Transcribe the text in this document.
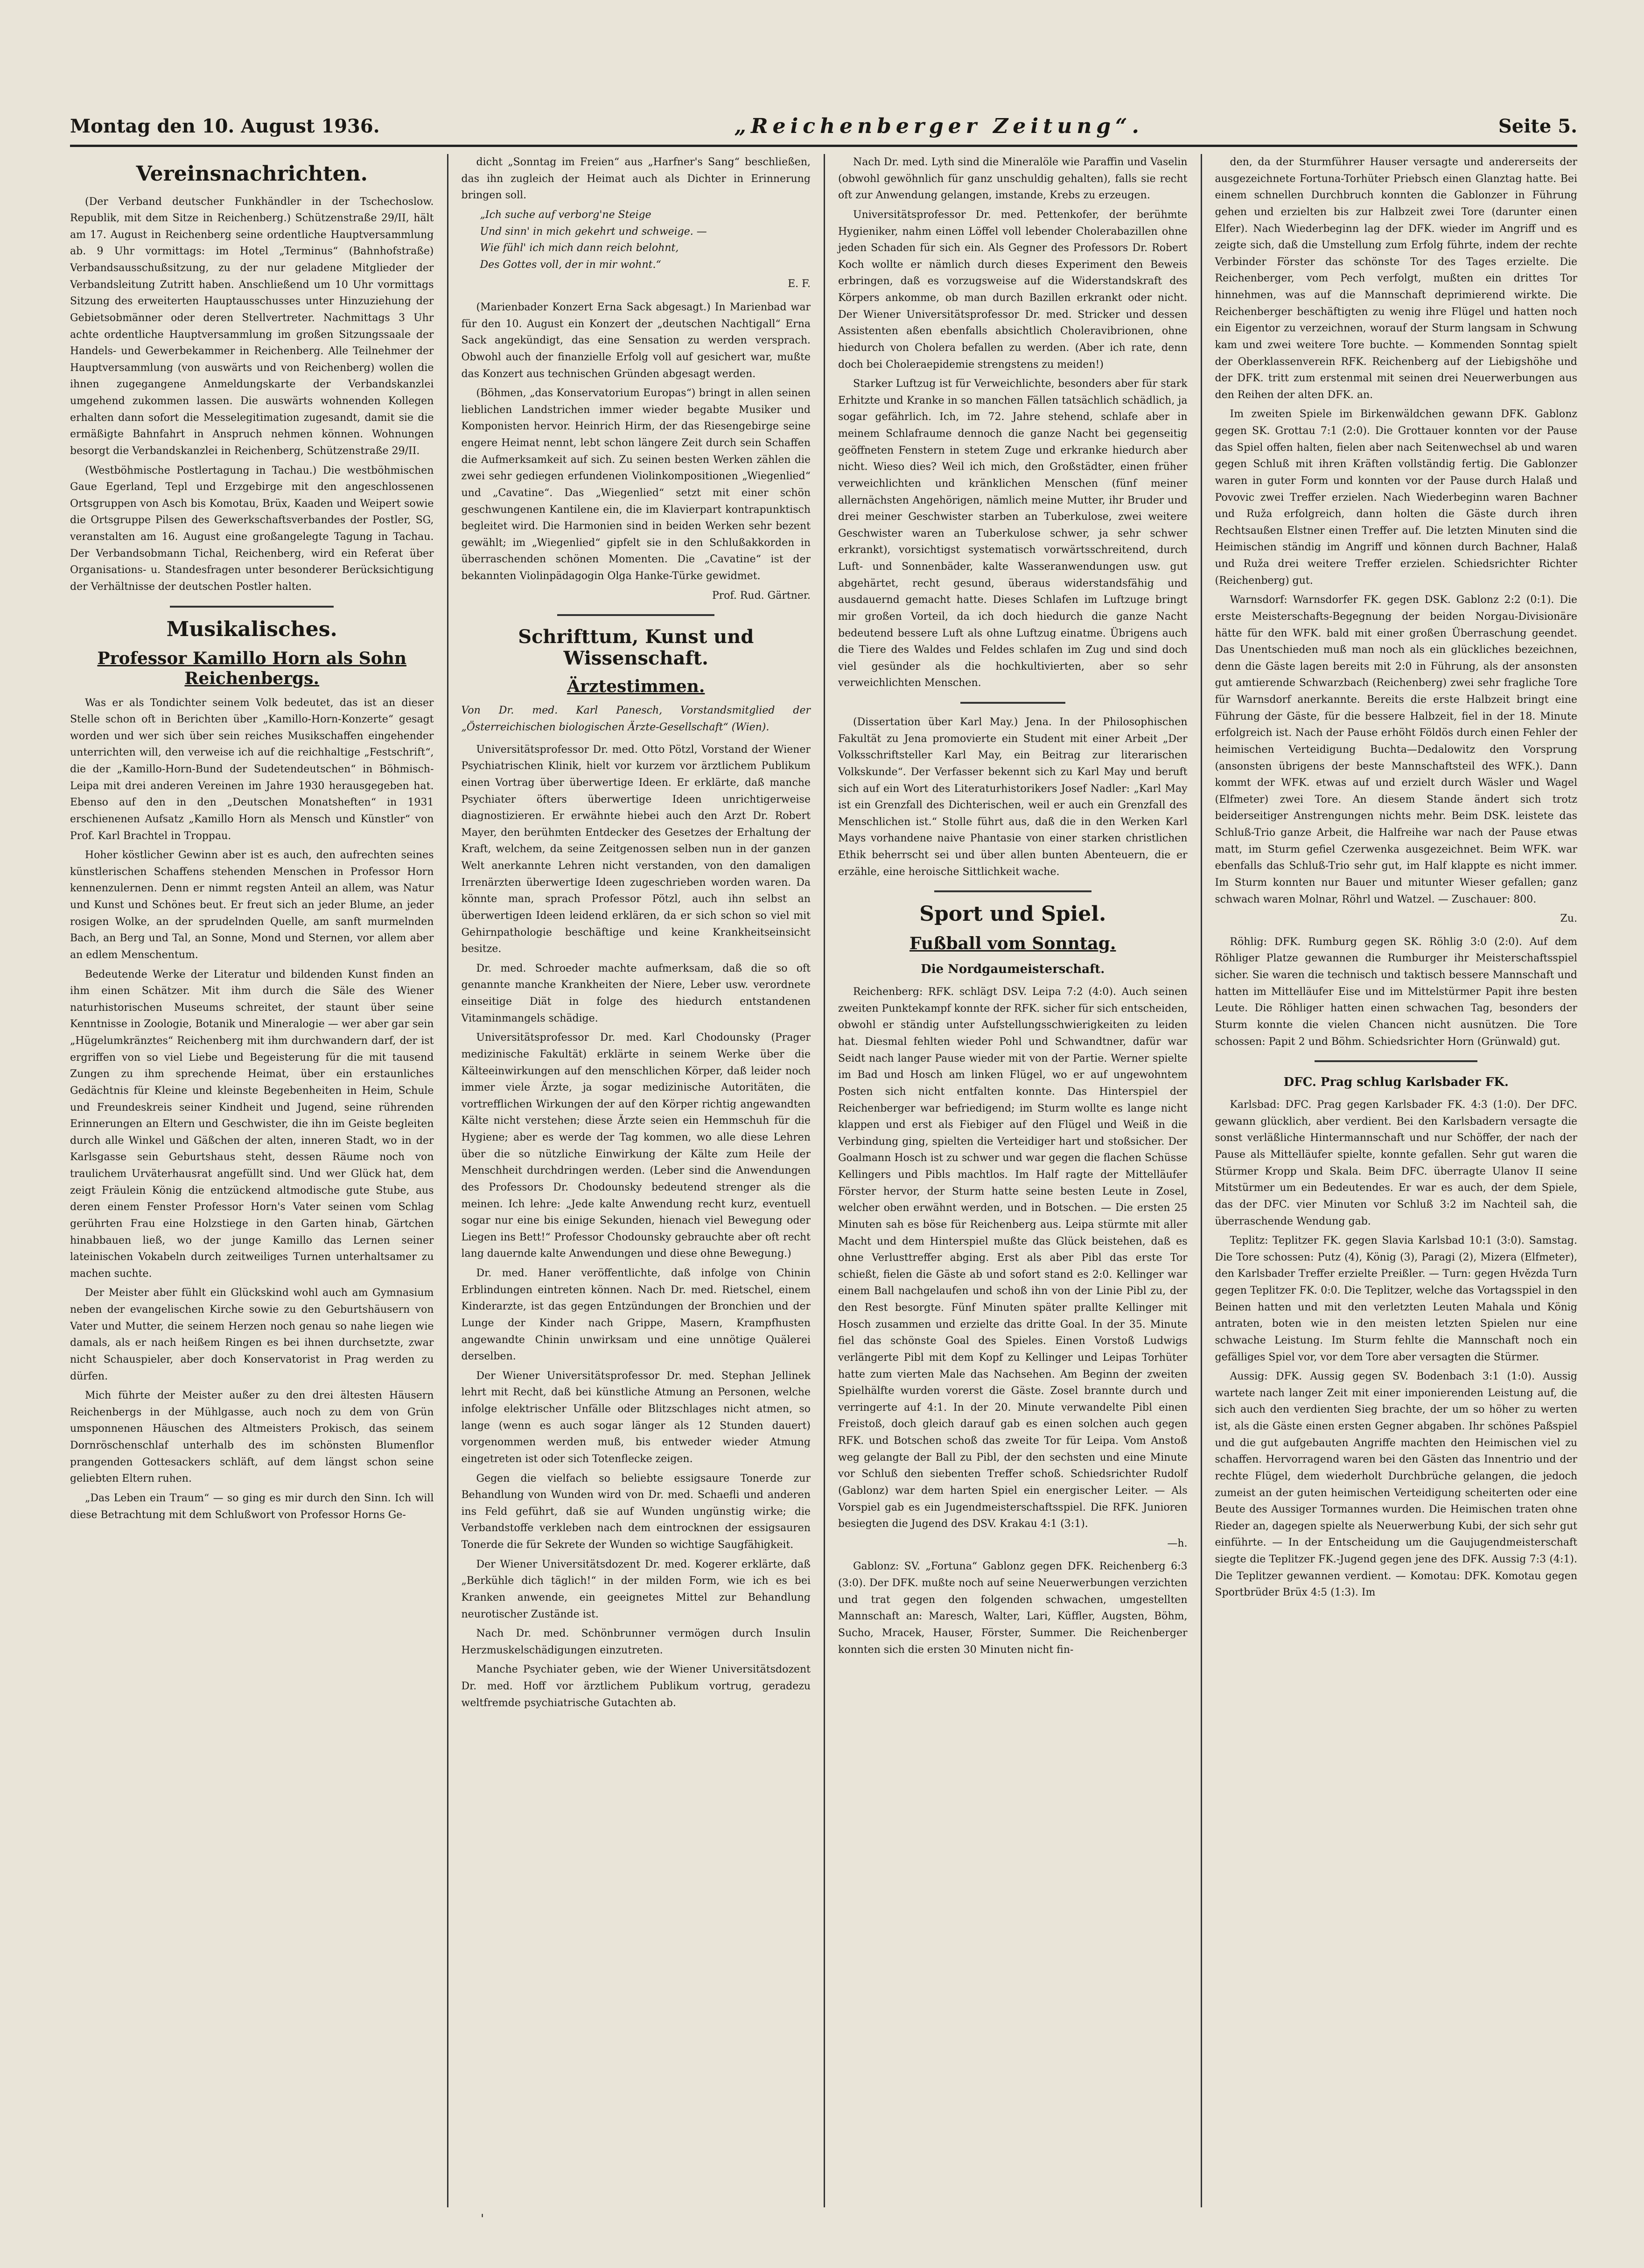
Montag den 10. August 1936.	„Reichenberger Zeitung“.	Seite 5.
Vereinsnachrichten.

(Der Verband deutscher Funkhändler in der Tschechoslow. Republik, mit dem Sitze in Reichenberg.) Schützenstraße 29/II, hält am 17. August in Reichenberg seine ordentliche Hauptversammlung ab. 9 Uhr vormittags: im Hotel „Terminus“ (Bahnhofstraße) Verbandsausschußsitzung, zu der nur geladene Mitglieder der Verbandsleitung Zutritt haben. Anschließend um 10 Uhr vormittags Sitzung des erweiterten Hauptausschusses unter Hinzuziehung der Gebietsobmänner oder deren Stellvertreter. Nachmittags 3 Uhr achte ordentliche Hauptversammlung im großen Sitzungssaale der Handels- und Gewerbekammer in Reichenberg. Alle Teilnehmer der Hauptversammlung (von auswärts und von Reichenberg) wollen die ihnen zugegangene Anmeldungskarte der Verbandskanzlei umgehend zukommen lassen. Die auswärts wohnenden Kollegen erhalten dann sofort die Messelegitimation zugesandt, damit sie die ermäßigte Bahnfahrt in Anspruch nehmen können. Wohnungen besorgt die Verbandskanzlei in Reichenberg, Schützenstraße 29/II.

(Westböhmische Postlertagung in Tachau.) Die westböhmischen Gaue Egerland, Tepl und Erzgebirge mit den angeschlossenen Ortsgruppen von Asch bis Komotau, Brüx, Kaaden und Weipert sowie die Ortsgruppe Pilsen des Gewerkschaftsverbandes der Postler, SG, veranstalten am 16. August eine großangelegte Tagung in Tachau. Der Verbandsobmann Tichal, Reichenberg, wird ein Referat über Organisations- u. Standesfragen unter besonderer Berücksichtigung der Verhältnisse der deutschen Postler halten.

Musikalisches.
Professor Kamillo Horn als Sohn Reichenbergs.

Was er als Tondichter seinem Volk bedeutet, das ist an dieser Stelle schon oft in Berichten über „Kamillo-Horn-Konzerte“ gesagt worden und wer sich über sein reiches Musikschaffen eingehender unterrichten will, den verweise ich auf die reichhaltige „Festschrift“, die der „Kamillo-Horn-Bund der Sudetendeutschen“ in Böhmisch-Leipa mit drei anderen Vereinen im Jahre 1930 herausgegeben hat. Ebenso auf den in den „Deutschen Monatsheften“ in 1931 erschienenen Aufsatz „Kamillo Horn als Mensch und Künstler“ von Prof. Karl Brachtel in Troppau.

Hoher köstlicher Gewinn aber ist es auch, den aufrechten seines künstlerischen Schaffens stehenden Menschen in Professor Horn kennenzulernen. Denn er nimmt regsten Anteil an allem, was Natur und Kunst und Schönes beut. Er freut sich an jeder Blume, an jeder rosigen Wolke, an der sprudelnden Quelle, am sanft murmelnden Bach, an Berg und Tal, an Sonne, Mond und Sternen, vor allem aber an edlem Menschentum.

Bedeutende Werke der Literatur und bildenden Kunst finden an ihm einen Schätzer. Mit ihm durch die Säle des Wiener naturhistorischen Museums schreitet, der staunt über seine Kenntnisse in Zoologie, Botanik und Mineralogie — wer aber gar sein „Hügelumkränztes“ Reichenberg mit ihm durchwandern darf, der ist ergriffen von so viel Liebe und Begeisterung für die mit tausend Zungen zu ihm sprechende Heimat, über ein erstaunliches Gedächtnis für Kleine und kleinste Begebenheiten in Heim, Schule und Freundeskreis seiner Kindheit und Jugend, seine rührenden Erinnerungen an Eltern und Geschwister, die ihn im Geiste begleiten durch alle Winkel und Gäßchen der alten, inneren Stadt, wo in der Karlsgasse sein Geburtshaus steht, dessen Räume noch von traulichem Urväterhausrat angefüllt sind. Und wer Glück hat, dem zeigt Fräulein König die entzückend altmodische gute Stube, aus deren einem Fenster Professor Horn's Vater seinen vom Schlag gerührten Frau eine Holzstiege in den Garten hinab, Gärtchen hinabbauen ließ, wo der junge Kamillo das Lernen seiner lateinischen Vokabeln durch zeitweiliges Turnen unterhaltsamer zu machen suchte.

Der Meister aber fühlt ein Glückskind wohl auch am Gymnasium neben der evangelischen Kirche sowie zu den Geburtshäusern von Vater und Mutter, die seinem Herzen noch genau so nahe liegen wie damals, als er nach heißem Ringen es bei ihnen durchsetzte, zwar nicht Schauspieler, aber doch Konservatorist in Prag werden zu dürfen.

Mich führte der Meister außer zu den drei ältesten Häusern Reichenbergs in der Mühlgasse, auch noch zu dem von Grün umsponnenen Häuschen des Altmeisters Prokisch, das seinem Dornröschenschlaf unterhalb des im schönsten Blumenflor prangenden Gottesackers schläft, auf dem längst schon seine geliebten Eltern ruhen.

„Das Leben ein Traum“ — so ging es mir durch den Sinn. Ich will diese Betrachtung mit dem Schlußwort von Professor Horns Ge-

dicht „Sonntag im Freien“ aus „Harfner's Sang“ beschließen, das ihn zugleich der Heimat auch als Dichter in Erinnerung bringen soll.

„Ich suche auf verborg'ne Steige
Und sinn' in mich gekehrt und schweige. —
Wie fühl' ich mich dann reich belohnt,
Des Gottes voll, der in mir wohnt.“

E. F.

(Marienbader Konzert Erna Sack abgesagt.) In Marienbad war für den 10. August ein Konzert der „deutschen Nachtigall“ Erna Sack angekündigt, das eine Sensation zu werden versprach. Obwohl auch der finanzielle Erfolg voll auf gesichert war, mußte das Konzert aus technischen Gründen abgesagt werden.

(Böhmen, „das Konservatorium Europas“) bringt in allen seinen lieblichen Landstrichen immer wieder begabte Musiker und Komponisten hervor. Heinrich Hirm, der das Riesengebirge seine engere Heimat nennt, lebt schon längere Zeit durch sein Schaffen die Aufmerksamkeit auf sich. Zu seinen besten Werken zählen die zwei sehr gediegen erfundenen Violinkompositionen „Wiegenlied“ und „Cavatine“. Das „Wiegenlied“ setzt mit einer schön geschwungenen Kantilene ein, die im Klavierpart kontrapunktisch begleitet wird. Die Harmonien sind in beiden Werken sehr bezent gewählt; im „Wiegenlied“ gipfelt sie in den Schlußakkorden in überraschenden schönen Momenten. Die „Cavatine“ ist der bekannten Violinpädagogin Olga Hanke-Türke gewidmet.

Prof. Rud. Gärtner.

Schrifttum, Kunst und Wissenschaft.
Ärztestimmen.

Von Dr. med. Karl Panesch, Vorstandsmitglied der „Österreichischen biologischen Ärzte-Gesellschaft“ (Wien).

Universitätsprofessor Dr. med. Otto Pötzl, Vorstand der Wiener Psychiatrischen Klinik, hielt vor kurzem vor ärztlichem Publikum einen Vortrag über überwertige Ideen. Er erklärte, daß manche Psychiater öfters überwertige Ideen unrichtigerweise diagnostizieren. Er erwähnte hiebei auch den Arzt Dr. Robert Mayer, den berühmten Entdecker des Gesetzes der Erhaltung der Kraft, welchem, da seine Zeitgenossen selben nun in der ganzen Welt anerkannte Lehren nicht verstanden, von den damaligen Irrenärzten überwertige Ideen zugeschrieben worden waren. Da könnte man, sprach Professor Pötzl, auch ihn selbst an überwertigen Ideen leidend erklären, da er sich schon so viel mit Gehirnpathologie beschäftige und keine Krankheitseinsicht besitze.

Dr. med. Schroeder machte aufmerksam, daß die so oft genannte manche Krankheiten der Niere, Leber usw. verordnete einseitige Diät in folge des hiedurch entstandenen Vitaminmangels schädige.

Universitätsprofessor Dr. med. Karl Chodounsky (Prager medizinische Fakultät) erklärte in seinem Werke über die Kälteeinwirkungen auf den menschlichen Körper, daß leider noch immer viele Ärzte, ja sogar medizinische Autoritäten, die vortrefflichen Wirkungen der auf den Körper richtig angewandten Kälte nicht verstehen; diese Ärzte seien ein Hemmschuh für die Hygiene; aber es werde der Tag kommen, wo alle diese Lehren über die so nützliche Einwirkung der Kälte zum Heile der Menschheit durchdringen werden. (Leber sind die Anwendungen des Professors Dr. Chodounsky bedeutend strenger als die meinen. Ich lehre: „Jede kalte Anwendung recht kurz, eventuell sogar nur eine bis einige Sekunden, hienach viel Bewegung oder Liegen ins Bett!“ Professor Chodounsky gebrauchte aber oft recht lang dauernde kalte Anwendungen und diese ohne Bewegung.)

Dr. med. Haner veröffentlichte, daß infolge von Chinin Erblindungen eintreten können. Nach Dr. med. Rietschel, einem Kinderarzte, ist das gegen Entzündungen der Bronchien und der Lunge der Kinder nach Grippe, Masern, Krampfhusten angewandte Chinin unwirksam und eine unnötige Quälerei derselben.

Der Wiener Universitätsprofessor Dr. med. Stephan Jellinek lehrt mit Recht, daß bei künstliche Atmung an Personen, welche infolge elektrischer Unfälle oder Blitzschlages nicht atmen, so lange (wenn es auch sogar länger als 12 Stunden dauert) vorgenommen werden muß, bis entweder wieder Atmung eingetreten ist oder sich Totenflecke zeigen.

Gegen die vielfach so beliebte essigsaure Tonerde zur Behandlung von Wunden wird von Dr. med. Schaefli und anderen ins Feld geführt, daß sie auf Wunden ungünstig wirke; die Verbandstoffe verkleben nach dem eintrocknen der essigsauren Tonerde die für Sekrete der Wunden so wichtige Saugfähigkeit.

Der Wiener Universitätsdozent Dr. med. Kogerer erklärte, daß „Berkühle dich täglich!“ in der milden Form, wie ich es bei Kranken anwende, ein geeignetes Mittel zur Behandlung neurotischer Zustände ist.

Nach Dr. med. Schönbrunner vermögen durch Insulin Herzmuskelschädigungen einzutreten.

Manche Psychiater geben, wie der Wiener Universitätsdozent Dr. med. Hoff vor ärztlichem Publikum vortrug, geradezu weltfremde psychiatrische Gutachten ab.

Nach Dr. med. Lyth sind die Mineralöle wie Paraffin und Vaselin (obwohl gewöhnlich für ganz unschuldig gehalten), falls sie recht oft zur Anwendung gelangen, imstande, Krebs zu erzeugen.

Universitätsprofessor Dr. med. Pettenkofer, der berühmte Hygieniker, nahm einen Löffel voll lebender Cholerabazillen ohne jeden Schaden für sich ein. Als Gegner des Professors Dr. Robert Koch wollte er nämlich durch dieses Experiment den Beweis erbringen, daß es vorzugsweise auf die Widerstandskraft des Körpers ankomme, ob man durch Bazillen erkrankt oder nicht. Der Wiener Universitätsprofessor Dr. med. Stricker und dessen Assistenten aßen ebenfalls absichtlich Choleravibrionen, ohne hiedurch von Cholera befallen zu werden. (Aber ich rate, denn doch bei Choleraepidemie strengstens zu meiden!)

Starker Luftzug ist für Verweichlichte, besonders aber für stark Erhitzte und Kranke in so manchen Fällen tatsächlich schädlich, ja sogar gefährlich. Ich, im 72. Jahre stehend, schlafe aber in meinem Schlafraume dennoch die ganze Nacht bei gegenseitig geöffneten Fenstern in stetem Zuge und erkranke hiedurch aber nicht. Wieso dies? Weil ich mich, den Großstädter, einen früher verweichlichten und kränklichen Menschen (fünf meiner allernächsten Angehörigen, nämlich meine Mutter, ihr Bruder und drei meiner Geschwister starben an Tuberkulose, zwei weitere Geschwister waren an Tuberkulose schwer, ja sehr schwer erkrankt), vorsichtigst systematisch vorwärtsschreitend, durch Luft- und Sonnenbäder, kalte Wasseranwendungen usw. gut abgehärtet, recht gesund, überaus widerstandsfähig und ausdauernd gemacht hatte. Dieses Schlafen im Luftzuge bringt mir großen Vorteil, da ich doch hiedurch die ganze Nacht bedeutend bessere Luft als ohne Luftzug einatme. Übrigens auch die Tiere des Waldes und Feldes schlafen im Zug und sind doch viel gesünder als die hochkultivierten, aber so sehr verweichlichten Menschen.

(Dissertation über Karl May.) Jena. In der Philosophischen Fakultät zu Jena promovierte ein Student mit einer Arbeit „Der Volksschriftsteller Karl May, ein Beitrag zur literarischen Volkskunde“. Der Verfasser bekennt sich zu Karl May und beruft sich auf ein Wort des Literaturhistorikers Josef Nadler: „Karl May ist ein Grenzfall des Dichterischen, weil er auch ein Grenzfall des Menschlichen ist.“ Stolle führt aus, daß die in den Werken Karl Mays vorhandene naive Phantasie von einer starken christlichen Ethik beherrscht sei und über allen bunten Abenteuern, die er erzähle, eine heroische Sittlichkeit wache.

Sport und Spiel.
Fußball vom Sonntag.
Die Nordgaumeisterschaft.

Reichenberg: RFK. schlägt DSV. Leipa 7:2 (4:0). Auch seinen zweiten Punktekampf konnte der RFK. sicher für sich entscheiden, obwohl er ständig unter Aufstellungsschwierigkeiten zu leiden hat. Diesmal fehlten wieder Pohl und Schwandtner, dafür war Seidt nach langer Pause wieder mit von der Partie. Werner spielte im Bad und Hosch am linken Flügel, wo er auf ungewohntem Posten sich nicht entfalten konnte. Das Hinterspiel der Reichenberger war befriedigend; im Sturm wollte es lange nicht klappen und erst als Fiebiger auf den Flügel und Weiß in die Verbindung ging, spielten die Verteidiger hart und stoßsicher. Der Goalmann Hosch ist zu schwer und war gegen die flachen Schüsse Kellingers und Pibls machtlos. Im Half ragte der Mittelläufer Förster hervor, der Sturm hatte seine besten Leute in Zosel, welcher oben erwähnt werden, und in Botschen. — Die ersten 25 Minuten sah es böse für Reichenberg aus. Leipa stürmte mit aller Macht und dem Hinterspiel mußte das Glück beistehen, daß es ohne Verlusttreffer abging. Erst als aber Pibl das erste Tor schießt, fielen die Gäste ab und sofort stand es 2:0. Kellinger war einem Ball nachgelaufen und schoß ihn von der Linie Pibl zu, der den Rest besorgte. Fünf Minuten später prallte Kellinger mit Hosch zusammen und erzielte das dritte Goal. In der 35. Minute fiel das schönste Goal des Spieles. Einen Vorstoß Ludwigs verlängerte Pibl mit dem Kopf zu Kellinger und Leipas Torhüter hatte zum vierten Male das Nachsehen. Am Beginn der zweiten Spielhälfte wurden vorerst die Gäste. Zosel brannte durch und verringerte auf 4:1. In der 20. Minute verwandelte Pibl einen Freistoß, doch gleich darauf gab es einen solchen auch gegen RFK. und Botschen schoß das zweite Tor für Leipa. Vom Anstoß weg gelangte der Ball zu Pibl, der den sechsten und eine Minute vor Schluß den siebenten Treffer schoß. Schiedsrichter Rudolf (Gablonz) war dem harten Spiel ein energischer Leiter. — Als Vorspiel gab es ein Jugendmeisterschaftsspiel. Die RFK. Junioren besiegten die Jugend des DSV. Krakau 4:1 (3:1).

—h.

Gablonz: SV. „Fortuna“ Gablonz gegen DFK. Reichenberg 6:3 (3:0). Der DFK. mußte noch auf seine Neuerwerbungen verzichten und trat gegen den folgenden schwachen, umgestellten Mannschaft an: Maresch, Walter, Lari, Küffler, Augsten, Böhm, Sucho, Mracek, Hauser, Förster, Summer. Die Reichenberger konnten sich die ersten 30 Minuten nicht fin-

den, da der Sturmführer Hauser versagte und andererseits der ausgezeichnete Fortuna-Torhüter Priebsch einen Glanztag hatte. Bei einem schnellen Durchbruch konnten die Gablonzer in Führung gehen und erzielten bis zur Halbzeit zwei Tore (darunter einen Elfer). Nach Wiederbeginn lag der DFK. wieder im Angriff und es zeigte sich, daß die Umstellung zum Erfolg führte, indem der rechte Verbinder Förster das schönste Tor des Tages erzielte. Die Reichenberger, vom Pech verfolgt, mußten ein drittes Tor hinnehmen, was auf die Mannschaft deprimierend wirkte. Die Reichenberger beschäftigten zu wenig ihre Flügel und hatten noch ein Eigentor zu verzeichnen, worauf der Sturm langsam in Schwung kam und zwei weitere Tore buchte. — Kommenden Sonntag spielt der Oberklassenverein RFK. Reichenberg auf der Liebigshöhe und der DFK. tritt zum erstenmal mit seinen drei Neuerwerbungen aus den Reihen der alten DFK. an.

Im zweiten Spiele im Birkenwäldchen gewann DFK. Gablonz gegen SK. Grottau 7:1 (2:0). Die Grottauer konnten vor der Pause das Spiel offen halten, fielen aber nach Seitenwechsel ab und waren gegen Schluß mit ihren Kräften vollständig fertig. Die Gablonzer waren in guter Form und konnten vor der Pause durch Halaß und Povovic zwei Treffer erzielen. Nach Wiederbeginn waren Bachner und Ruža erfolgreich, dann holten die Gäste durch ihren Rechtsaußen Elstner einen Treffer auf. Die letzten Minuten sind die Heimischen ständig im Angriff und können durch Bachner, Halaß und Ruža drei weitere Treffer erzielen. Schiedsrichter Richter (Reichenberg) gut.

Warnsdorf: Warnsdorfer FK. gegen DSK. Gablonz 2:2 (0:1). Die erste Meisterschafts-Begegnung der beiden Norgau-Divisionäre hätte für den WFK. bald mit einer großen Überraschung geendet. Das Unentschieden muß man noch als ein glückliches bezeichnen, denn die Gäste lagen bereits mit 2:0 in Führung, als der ansonsten gut amtierende Schwarzbach (Reichenberg) zwei sehr fragliche Tore für Warnsdorf anerkannte. Bereits die erste Halbzeit bringt eine Führung der Gäste, für die bessere Halbzeit, fiel in der 18. Minute erfolgreich ist. Nach der Pause erhöht Földös durch einen Fehler der heimischen Verteidigung Buchta—Dedalowitz den Vorsprung (ansonsten übrigens der beste Mannschaftsteil des WFK.). Dann kommt der WFK. etwas auf und erzielt durch Wäsler und Wagel (Elfmeter) zwei Tore. An diesem Stande ändert sich trotz beiderseitiger Anstrengungen nichts mehr. Beim DSK. leistete das Schluß-Trio ganze Arbeit, die Halfreihe war nach der Pause etwas matt, im Sturm gefiel Czerwenka ausgezeichnet. Beim WFK. war ebenfalls das Schluß-Trio sehr gut, im Half klappte es nicht immer. Im Sturm konnten nur Bauer und mitunter Wieser gefallen; ganz schwach waren Molnar, Röhrl und Watzel. — Zuschauer: 800.

Zu.

Röhlig: DFK. Rumburg gegen SK. Röhlig 3:0 (2:0). Auf dem Röhliger Platze gewannen die Rumburger ihr Meisterschaftsspiel sicher. Sie waren die technisch und taktisch bessere Mannschaft und hatten im Mittelläufer Eise und im Mittelstürmer Papit ihre besten Leute. Die Röhliger hatten einen schwachen Tag, besonders der Sturm konnte die vielen Chancen nicht ausnützen. Die Tore schossen: Papit 2 und Böhm. Schiedsrichter Horn (Grünwald) gut.

DFC. Prag schlug Karlsbader FK.

Karlsbad: DFC. Prag gegen Karlsbader FK. 4:3 (1:0). Der DFC. gewann glücklich, aber verdient. Bei den Karlsbadern versagte die sonst verläßliche Hintermannschaft und nur Schöffer, der nach der Pause als Mittelläufer spielte, konnte gefallen. Sehr gut waren die Stürmer Kropp und Skala. Beim DFC. überragte Ulanov II seine Mitstürmer um ein Bedeutendes. Er war es auch, der dem Spiele, das der DFC. vier Minuten vor Schluß 3:2 im Nachteil sah, die überraschende Wendung gab.

Teplitz: Teplitzer FK. gegen Slavia Karlsbad 10:1 (3:0). Samstag. Die Tore schossen: Putz (4), König (3), Paragi (2), Mizera (Elfmeter), den Karlsbader Treffer erzielte Preißler. — Turn: gegen Hvězda Turn gegen Teplitzer FK. 0:0. Die Teplitzer, welche das Vortagsspiel in den Beinen hatten und mit den verletzten Leuten Mahala und König antraten, boten wie in den meisten letzten Spielen nur eine schwache Leistung. Im Sturm fehlte die Mannschaft noch ein gefälliges Spiel vor, vor dem Tore aber versagten die Stürmer.

Aussig: DFK. Aussig gegen SV. Bodenbach 3:1 (1:0). Aussig wartete nach langer Zeit mit einer imponierenden Leistung auf, die sich auch den verdienten Sieg brachte, der um so höher zu werten ist, als die Gäste einen ersten Gegner abgaben. Ihr schönes Paßspiel und die gut aufgebauten Angriffe machten den Heimischen viel zu schaffen. Hervorragend waren bei den Gästen das Innentrio und der rechte Flügel, dem wiederholt Durchbrüche gelangen, die jedoch zumeist an der guten heimischen Verteidigung scheiterten oder eine Beute des Aussiger Tormannes wurden. Die Heimischen traten ohne Rieder an, dagegen spielte als Neuerwerbung Kubi, der sich sehr gut einführte. — In der Entscheidung um die Gaujugendmeisterschaft siegte die Teplitzer FK.-Jugend gegen jene des DFK. Aussig 7:3 (4:1). Die Teplitzer gewannen verdient. — Komotau: DFK. Komotau gegen Sportbrüder Brüx 4:5 (1:3). Im

'
